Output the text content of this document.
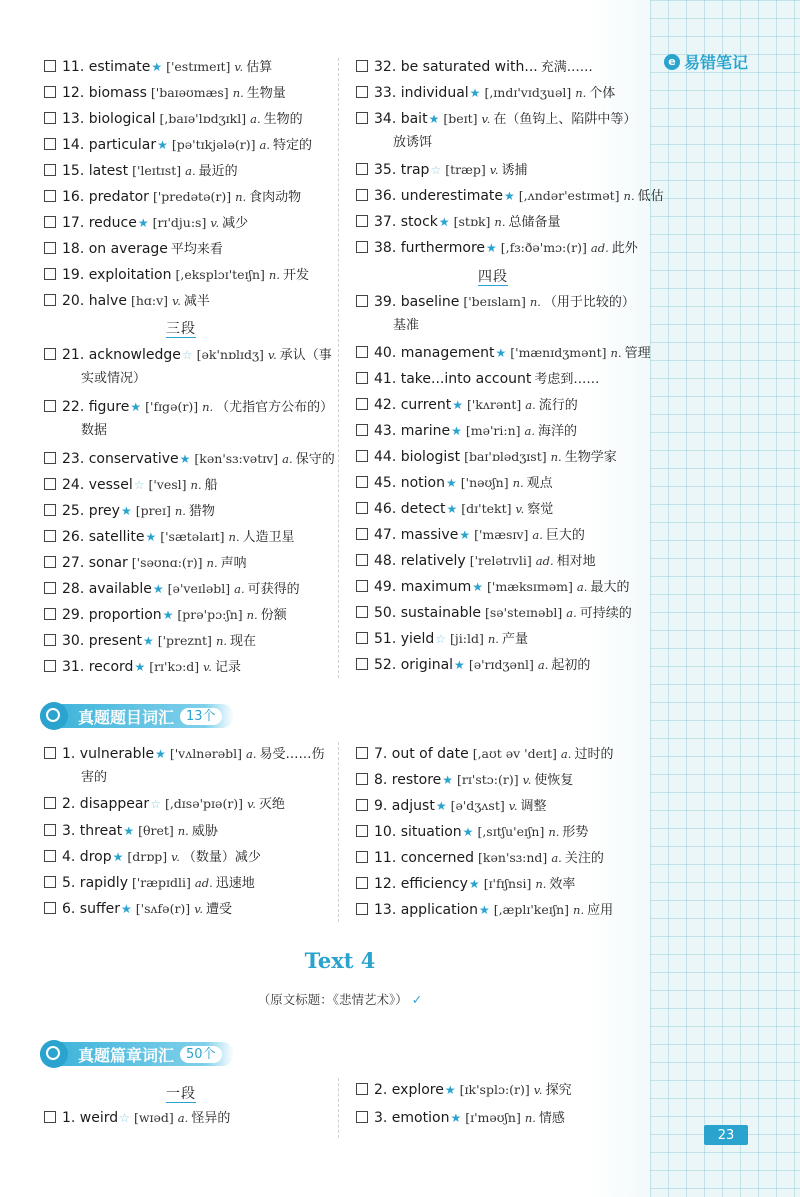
e 易错笔记
三段
四段
一段
真题题目词汇 13个
真题篇章词汇 50个
Text 4
（原文标题：《悲情艺术》） ✓
23
11. estimate★ ['estɪmeɪt] v. 估算
12. biomass ['baɪəʊmæs] n. 生物量
13. biological [,baɪə'lɒdʒɪkl] a. 生物的
14. particular★ [pə'tɪkjələ(r)] a. 特定的
15. latest ['leɪtɪst] a. 最近的
16. predator ['predətə(r)] n. 食肉动物
17. reduce★ [rɪ'dju:s] v. 减少
18. on average 平均来看
19. exploitation [,eksplɔɪ'teɪʃn] n. 开发
20. halve [hɑ:v] v. 减半
21. acknowledge☆ [ək'nɒlɪdʒ] v. 承认（事
实或情况）
22. figure★ ['fɪgə(r)] n. （尤指官方公布的）
数据
23. conservative★ [kən'sɜ:vətɪv] a. 保守的
24. vessel☆ ['vesl] n. 船
25. prey★ [preɪ] n. 猎物
26. satellite★ ['sætəlaɪt] n. 人造卫星
27. sonar ['səʊnɑ:(r)] n. 声呐
28. available★ [ə'veɪləbl] a. 可获得的
29. proportion★ [prə'pɔ:ʃn] n. 份额
30. present★ ['preznt] n. 现在
31. record★ [rɪ'kɔ:d] v. 记录
32. be saturated with... 充满……
33. individual★ [,ɪndɪ'vɪdʒuəl] n. 个体
34. bait★ [beɪt] v. 在（鱼钩上、陷阱中等）
放诱饵
35. trap☆ [træp] v. 诱捕
36. underestimate★ [,ʌndər'estɪmət] n. 低估
37. stock★ [stɒk] n. 总储备量
38. furthermore★ [,fɜ:ðə'mɔ:(r)] ad. 此外
39. baseline ['beɪslaɪn] n. （用于比较的）
基准
40. management★ ['mænɪdʒmənt] n. 管理
41. take...into account 考虑到……
42. current★ ['kʌrənt] a. 流行的
43. marine★ [mə'ri:n] a. 海洋的
44. biologist [baɪ'ɒlədʒɪst] n. 生物学家
45. notion★ ['nəʊʃn] n. 观点
46. detect★ [dɪ'tekt] v. 察觉
47. massive★ ['mæsɪv] a. 巨大的
48. relatively ['relətɪvli] ad. 相对地
49. maximum★ ['mæksɪməm] a. 最大的
50. sustainable [sə'steɪnəbl] a. 可持续的
51. yield☆ [ji:ld] n. 产量
52. original★ [ə'rɪdʒənl] a. 起初的
1. vulnerable★ ['vʌlnərəbl] a. 易受……伤
害的
2. disappear☆ [,dɪsə'pɪə(r)] v. 灭绝
3. threat★ [θret] n. 威胁
4. drop★ [drɒp] v. （数量）减少
5. rapidly ['ræpɪdli] ad. 迅速地
6. suffer★ ['sʌfə(r)] v. 遭受
7. out of date [,aʊt əv 'deɪt] a. 过时的
8. restore★ [rɪ'stɔ:(r)] v. 使恢复
9. adjust★ [ə'dʒʌst] v. 调整
10. situation★ [,sɪtʃu'eɪʃn] n. 形势
11. concerned [kən'sɜ:nd] a. 关注的
12. efficiency★ [ɪ'fɪʃnsi] n. 效率
13. application★ [,æplɪ'keɪʃn] n. 应用
1. weird☆ [wɪəd] a. 怪异的
2. explore★ [ɪk'splɔ:(r)] v. 探究
3. emotion★ [ɪ'məʊʃn] n. 情感
